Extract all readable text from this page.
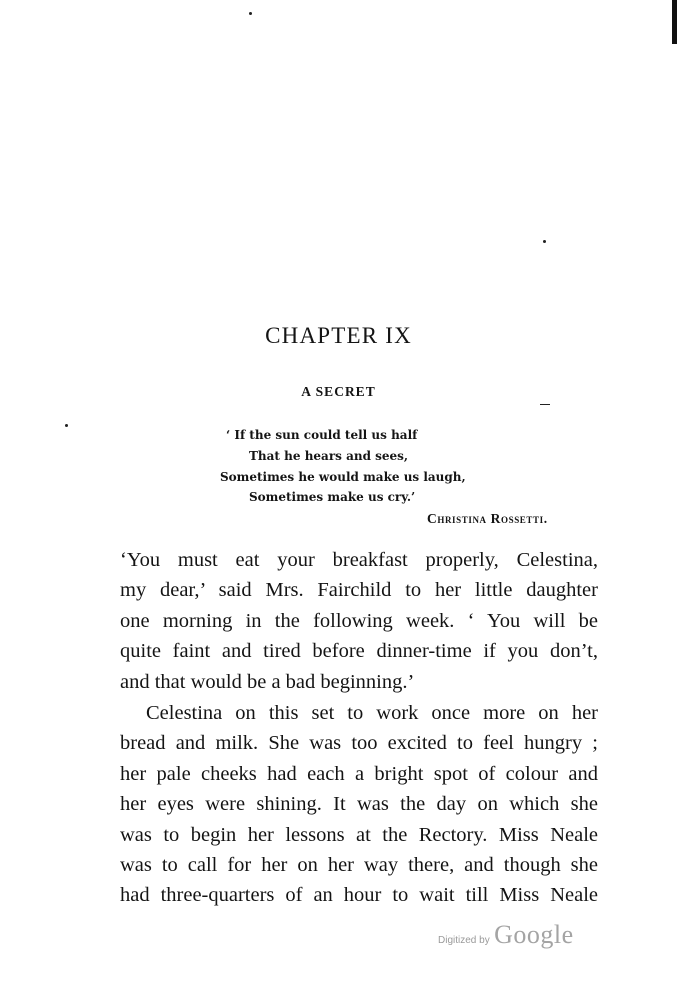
CHAPTER IX
A SECRET
‘ If the sun could tell us half
That he hears and sees,
Sometimes he would make us laugh,
Sometimes make us cry.’
Christina Rossetti.
‘You must eat your breakfast properly, Celestina,
my dear,’ said Mrs. Fairchild to her little daughter
one morning in the following week. ‘ You will be
quite faint and tired before dinner-time if you don’t,
and that would be a bad beginning.’
Celestina on this set to work once more on her
bread and milk. She was too excited to feel hungry ;
her pale cheeks had each a bright spot of colour and
her eyes were shining. It was the day on which she
was to begin her lessons at the Rectory. Miss Neale
was to call for her on her way there, and though she
had three-quarters of an hour to wait till Miss Neale
Digitized by Google
